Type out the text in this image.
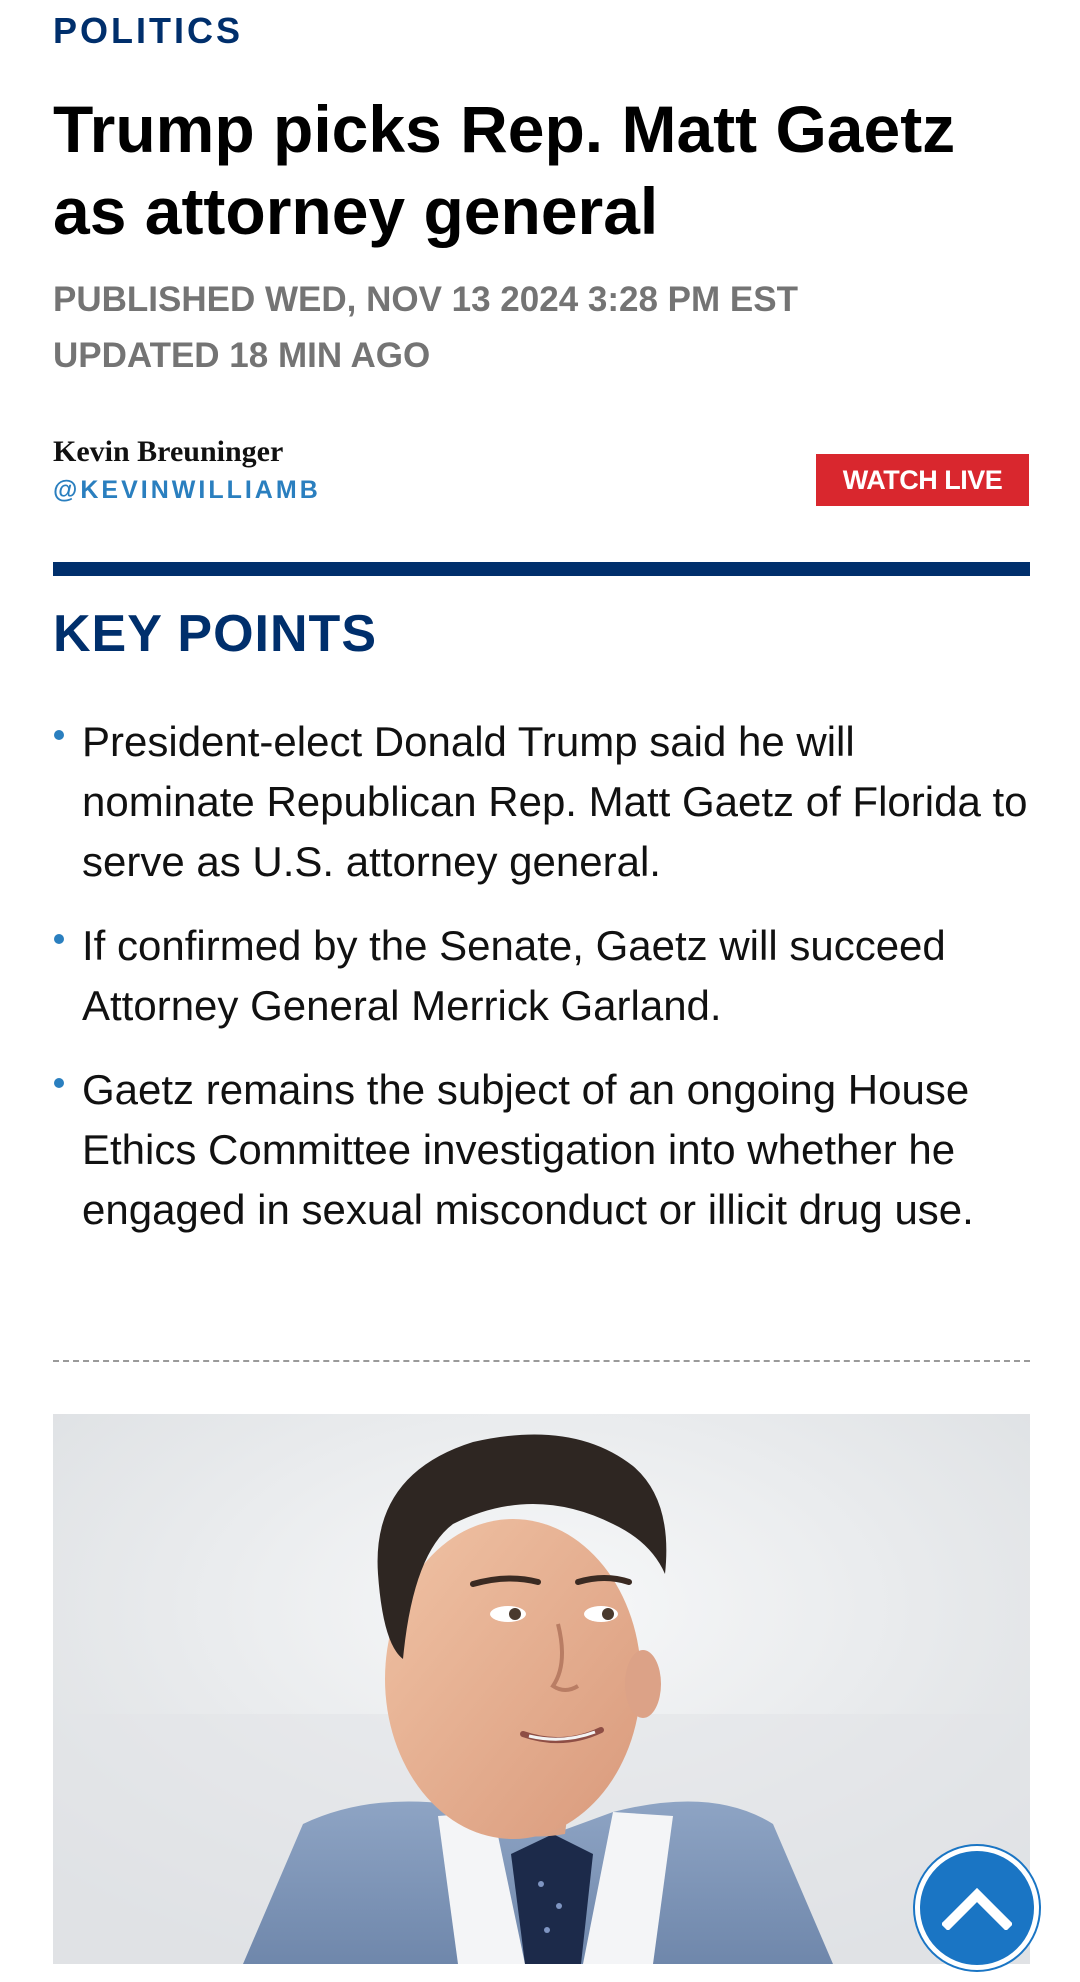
POLITICS
Trump picks Rep. Matt Gaetz as attorney general
PUBLISHED WED, NOV 13 2024 3:28 PM EST
UPDATED 18 MIN AGO
Kevin Breuninger
@KEVINWILLIAMB	WATCH LIVE
KEY POINTS
President-elect Donald Trump said he will nominate Republican Rep. Matt Gaetz of Florida to serve as U.S. attorney general.
If confirmed by the Senate, Gaetz will succeed Attorney General Merrick Garland.
Gaetz remains the subject of an ongoing House Ethics Committee investigation into whether he engaged in sexual misconduct or illicit drug use.
